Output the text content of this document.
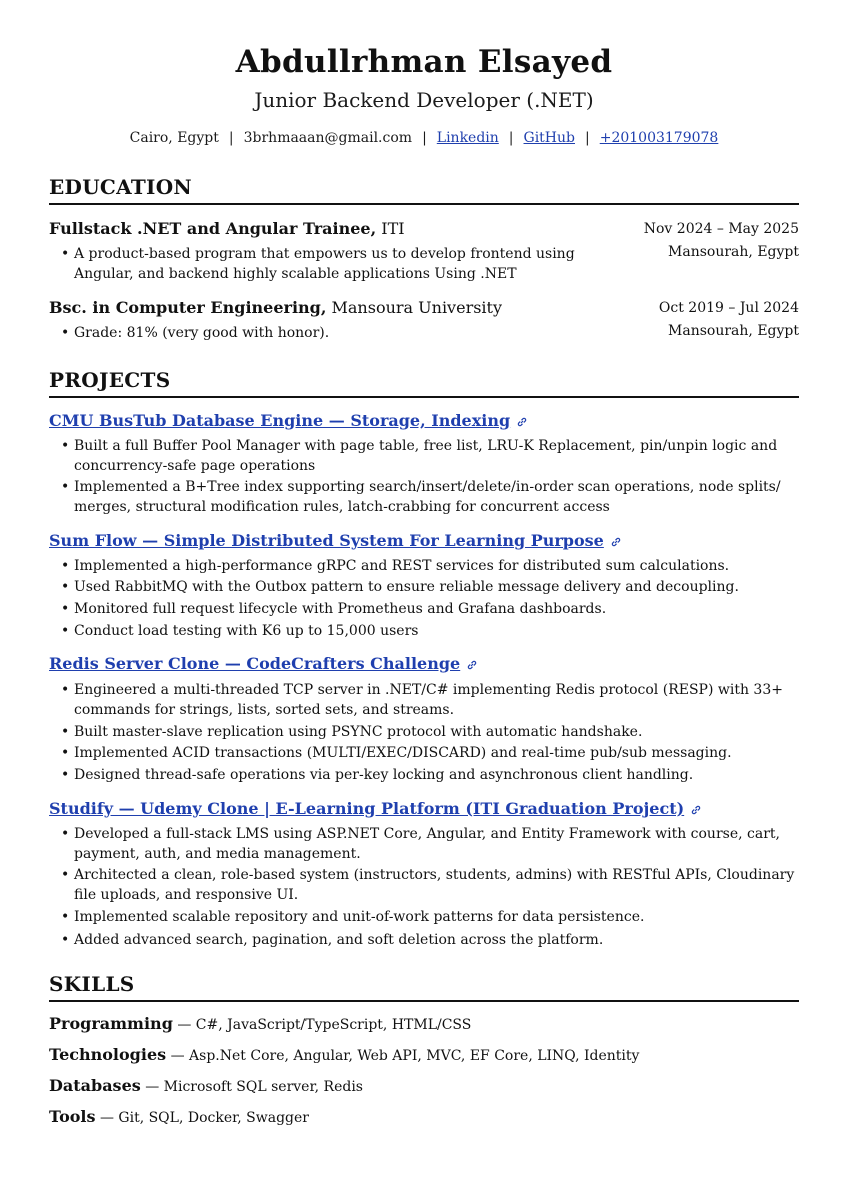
Abdullrhman Elsayed
Junior Backend Developer (.NET)
Cairo, Egypt | 3brhmaaan@gmail.com | Linkedin | GitHub | +201003179078
EDUCATION
Fullstack .NET and Angular Trainee, ITI	Nov 2024 – May 2025
Mansourah, Egypt
• A product-based program that empowers us to develop frontend using Angular, and backend highly scalable applications Using .NET
Bsc. in Computer Engineering, Mansoura University	Oct 2019 – Jul 2024
Mansourah, Egypt
• Grade: 81% (very good with honor).
PROJECTS
CMU BusTub Database Engine — Storage, Indexing
• Built a full Buffer Pool Manager with page table, free list, LRU-K Replacement, pin/unpin logic and concurrency-safe page operations
• Implemented a B+Tree index supporting search/insert/delete/in-order scan operations, node splits/ merges, structural modification rules, latch-crabbing for concurrent access
Sum Flow — Simple Distributed System For Learning Purpose
• Implemented a high-performance gRPC and REST services for distributed sum calculations.
• Used RabbitMQ with the Outbox pattern to ensure reliable message delivery and decoupling.
• Monitored full request lifecycle with Prometheus and Grafana dashboards.
• Conduct load testing with K6 up to 15,000 users
Redis Server Clone — CodeCrafters Challenge
• Engineered a multi-threaded TCP server in .NET/C# implementing Redis protocol (RESP) with 33+ commands for strings, lists, sorted sets, and streams.
• Built master-slave replication using PSYNC protocol with automatic handshake.
• Implemented ACID transactions (MULTI/EXEC/DISCARD) and real-time pub/sub messaging.
• Designed thread-safe operations via per-key locking and asynchronous client handling.
Studify — Udemy Clone | E-Learning Platform (ITI Graduation Project)
• Developed a full-stack LMS using ASP.NET Core, Angular, and Entity Framework with course, cart, payment, auth, and media management.
• Architected a clean, role-based system (instructors, students, admins) with RESTful APIs, Cloudinary file uploads, and responsive UI.
• Implemented scalable repository and unit-of-work patterns for data persistence.
• Added advanced search, pagination, and soft deletion across the platform.
SKILLS
Programming — C#, JavaScript/TypeScript, HTML/CSS
Technologies — Asp.Net Core, Angular, Web API, MVC, EF Core, LINQ, Identity
Databases — Microsoft SQL server, Redis
Tools — Git, SQL, Docker, Swagger
